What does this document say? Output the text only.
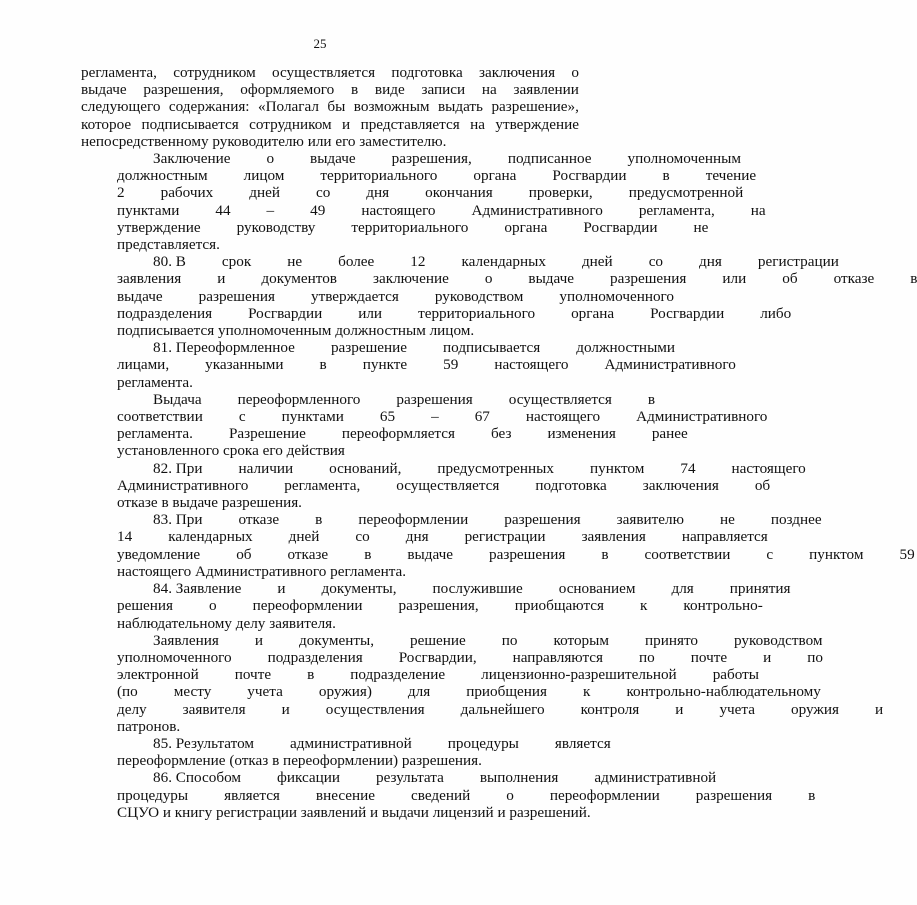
25
регламента, сотрудником осуществляется подготовка заключения о
выдаче разрешения, оформляемого в виде записи на заявлении
следующего содержания: «Полагал бы возможным выдать разрешение»,
которое подписывается сотрудником и представляется на утверждение
непосредственному руководителю или его заместителю.
Заключение	о	выдаче	разрешения,	подписанное	уполномоченным
должностным	лицом	территориального	органа	Росгвардии	в	течение
2	рабочих	дней	со	дня	окончания	проверки,	предусмотренной
пунктами	44	–	49	настоящего	Административного	регламента,	на
утверждение	руководству	территориального	органа	Росгвардии	не
представляется.
80. В	срок	не	более	12	календарных	дней	со	дня	регистрации
заявления	и	документов	заключение	о	выдаче	разрешения	или	об	отказе	в
выдаче	разрешения	утверждается	руководством	уполномоченного
подразделения	Росгвардии	или	территориального	органа	Росгвардии	либо
подписывается уполномоченным должностным лицом.
81. Переоформленное	разрешение	подписывается	должностными
лицами,	указанными	в	пункте	59	настоящего	Административного
регламента.
Выдача	переоформленного	разрешения	осуществляется	в
соответствии	с	пунктами	65	–	67	настоящего	Административного
регламента.	Разрешение	переоформляется	без	изменения	ранее
установленного срока его действия
82. При	наличии	оснований,	предусмотренных	пунктом	74	настоящего
Административного	регламента,	осуществляется	подготовка	заключения	об
отказе в выдаче разрешения.
83. При	отказе	в	переоформлении	разрешения	заявителю	не	позднее
14	календарных	дней	со	дня	регистрации	заявления	направляется
уведомление	об	отказе	в	выдаче	разрешения	в	соответствии	с	пунктом	59
настоящего Административного регламента.
84. Заявление	и	документы,	послужившие	основанием	для	принятия
решения	о	переоформлении	разрешения,	приобщаются	к	контрольно-
наблюдательному делу заявителя.
Заявления	и	документы,	решение	по	которым	принято	руководством
уполномоченного	подразделения	Росгвардии,	направляются	по	почте	и	по
электронной	почте	в	подразделение	лицензионно-разрешительной	работы
(по	месту	учета	оружия)	для	приобщения	к	контрольно-наблюдательному
делу	заявителя	и	осуществления	дальнейшего	контроля	и	учета	оружия	и
патронов.
85. Результатом	административной	процедуры	является
переоформление (отказ в переоформлении) разрешения.
86. Способом	фиксации	результата	выполнения	административной
процедуры	является	внесение	сведений	о	переоформлении	разрешения	в
СЦУО и книгу регистрации заявлений и выдачи лицензий и разрешений.
